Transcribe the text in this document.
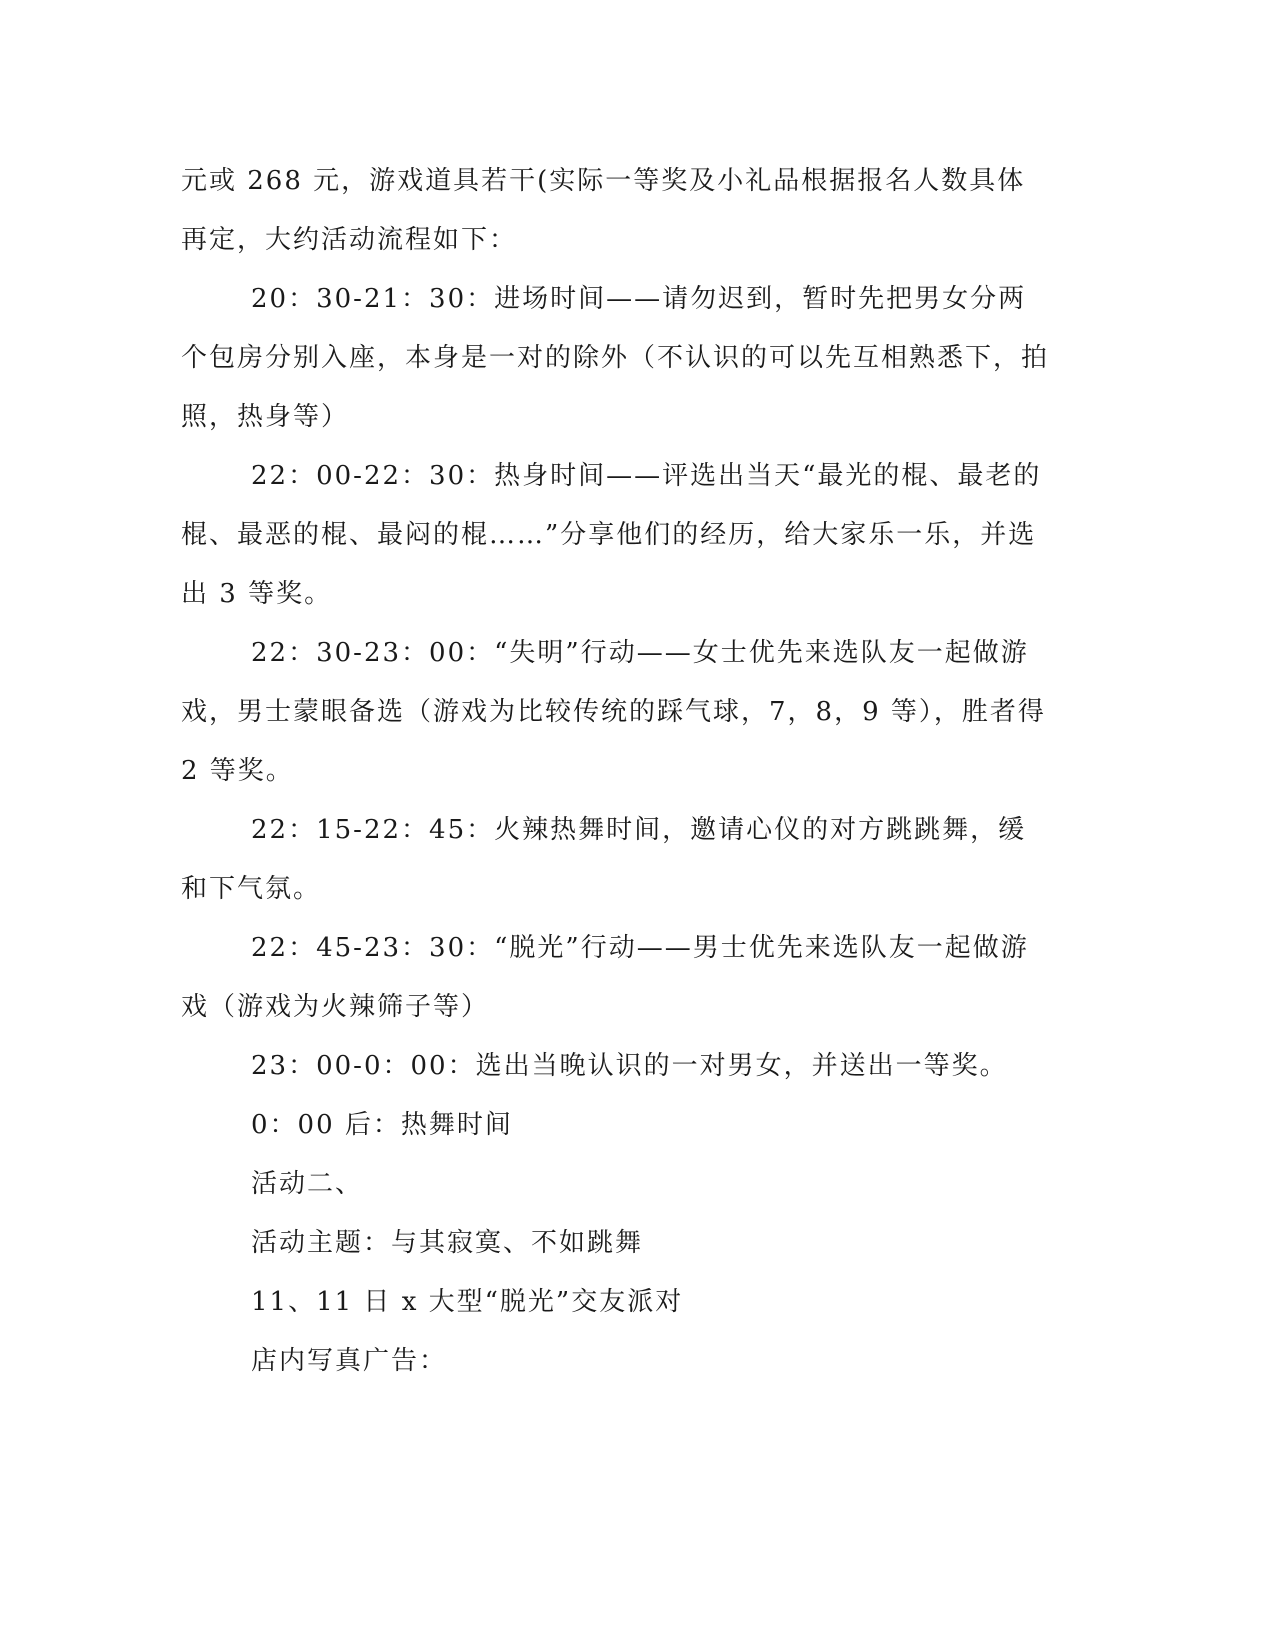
元或 268 元，游戏道具若干(实际一等奖及小礼品根据报名人数具体再定，大约活动流程如下：

20：30-21：30：进场时间——请勿迟到，暂时先把男女分两个包房分别入座，本身是一对的除外（不认识的可以先互相熟悉下，拍照，热身等）

22：00-22：30：热身时间——评选出当天“最光的棍、最老的棍、最恶的棍、最闷的棍……”分享他们的经历，给大家乐一乐，并选出 3 等奖。

22：30-23：00：“失明”行动——女士优先来选队友一起做游戏，男士蒙眼备选（游戏为比较传统的踩气球，7，8，9 等），胜者得 2 等奖。

22：15-22：45：火辣热舞时间，邀请心仪的对方跳跳舞，缓和下气氛。

22：45-23：30：“脱光”行动——男士优先来选队友一起做游戏（游戏为火辣筛子等）

23：00-0：00：选出当晚认识的一对男女，并送出一等奖。

0：00 后：热舞时间

活动二、

活动主题：与其寂寞、不如跳舞

11、11 日 x 大型“脱光”交友派对

店内写真广告：
